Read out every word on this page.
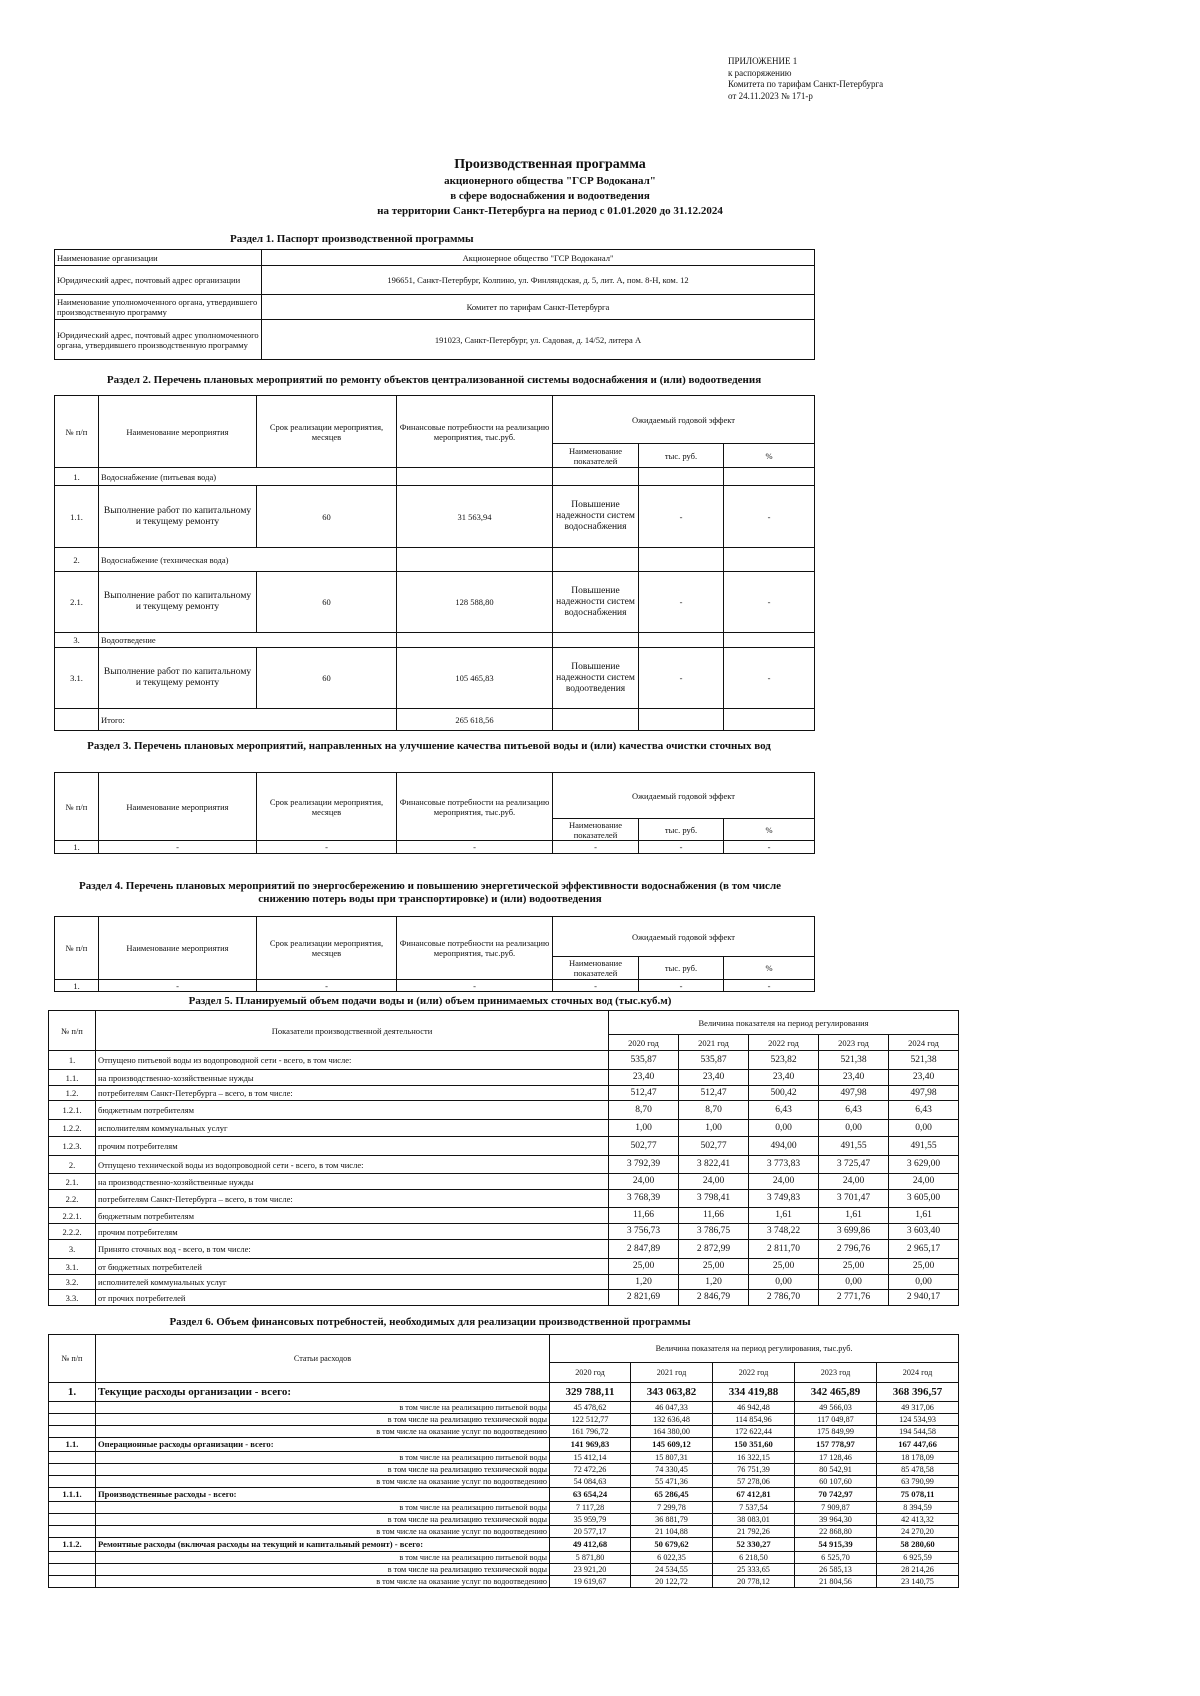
ПРИЛОЖЕНИЕ 1
к распоряжению
Комитета по тарифам Санкт-Петербурга
от 24.11.2023 № 171-р
Производственная программа
акционерного общества "ГСР Водоканал"
в сфере водоснабжения и водоотведения
на территории Санкт-Петербурга на период с 01.01.2020 до 31.12.2024
Раздел 1. Паспорт производственной программы
Наименование организации	Акционерное общество "ГСР Водоканал"
Юридический адрес, почтовый адрес организации	196651, Санкт-Петербург, Колпино, ул. Финляндская, д. 5, лит. А, пом. 8-Н, ком. 12
Наименование уполномоченного органа, утвердившего производственную программу	Комитет по тарифам Санкт-Петербурга
Юридический адрес, почтовый адрес уполномоченного органа, утвердившего производственную программу	191023, Санкт-Петербург, ул. Садовая, д. 14/52, литера А
Раздел 2. Перечень плановых мероприятий по ремонту объектов централизованной системы водоснабжения и (или) водоотведения
№ п/п	Наименование мероприятия	Срок реализации мероприятия, месяцев	Финансовые потребности на реализацию мероприятия, тыс.руб.	Ожидаемый годовой эффект		
				Наименование показателей	тыс. руб.	%
1.	Водоснабжение (питьевая вода)					
1.1.	Выполнение работ по капитальному и текущему ремонту	60	31 563,94	Повышение надежности систем водоснабжения	-	-
2.	Водоснабжение (техническая вода)					
2.1.	Выполнение работ по капитальному и текущему ремонту	60	128 588,80	Повышение надежности систем водоснабжения	-	-
3.	Водоотведение					
3.1.	Выполнение работ по капитальному и текущему ремонту	60	105 465,83	Повышение надежности систем водоотведения	-	-
	Итого:		265 618,56			
Раздел 3. Перечень плановых мероприятий, направленных на улучшение качества питьевой воды и (или) качества очистки сточных вод
№ п/п	Наименование мероприятия	Срок реализации мероприятия, месяцев	Финансовые потребности на реализацию мероприятия, тыс.руб.	Ожидаемый годовой эффект		
				Наименование показателей	тыс. руб.	%
1.	-	-	-	-	-	-
Раздел 4. Перечень плановых мероприятий по энергосбережению и повышению энергетической эффективности водоснабжения (в том числе снижению потерь воды при транспортировке) и (или) водоотведения
№ п/п	Наименование мероприятия	Срок реализации мероприятия, месяцев	Финансовые потребности на реализацию мероприятия, тыс.руб.	Ожидаемый годовой эффект		
				Наименование показателей	тыс. руб.	%
1.	-	-	-	-	-	-
Раздел 5. Планируемый объем подачи воды и (или) объем принимаемых сточных вод (тыс.куб.м)
№ п/п	Показатели производственной деятельности	Величина показателя на период регулирования				
		2020 год	2021 год	2022 год	2023 год	2024 год
1.	Отпущено питьевой воды из водопроводной сети - всего, в том числе:	535,87	535,87	523,82	521,38	521,38
1.1.	на производственно-хозяйственные нужды	23,40	23,40	23,40	23,40	23,40
1.2.	потребителям Санкт-Петербурга – всего, в том числе:	512,47	512,47	500,42	497,98	497,98
1.2.1.	бюджетным потребителям	8,70	8,70	6,43	6,43	6,43
1.2.2.	исполнителям коммунальных услуг	1,00	1,00	0,00	0,00	0,00
1.2.3.	прочим потребителям	502,77	502,77	494,00	491,55	491,55
2.	Отпущено технической воды из водопроводной сети - всего, в том числе:	3 792,39	3 822,41	3 773,83	3 725,47	3 629,00
2.1.	на производственно-хозяйственные нужды	24,00	24,00	24,00	24,00	24,00
2.2.	потребителям Санкт-Петербурга – всего, в том числе:	3 768,39	3 798,41	3 749,83	3 701,47	3 605,00
2.2.1.	бюджетным потребителям	11,66	11,66	1,61	1,61	1,61
2.2.2.	прочим потребителям	3 756,73	3 786,75	3 748,22	3 699,86	3 603,40
3.	Принято сточных вод - всего, в том числе:	2 847,89	2 872,99	2 811,70	2 796,76	2 965,17
3.1.	от бюджетных потребителей	25,00	25,00	25,00	25,00	25,00
3.2.	исполнителей коммунальных услуг	1,20	1,20	0,00	0,00	0,00
3.3.	от прочих потребителей	2 821,69	2 846,79	2 786,70	2 771,76	2 940,17
Раздел 6. Объем финансовых потребностей, необходимых для реализации производственной программы
№ п/п	Статьи расходов	Величина показателя на период регулирования, тыс.руб.				
		2020 год	2021 год	2022 год	2023 год	2024 год
1.	Текущие расходы организации - всего:	329 788,11	343 063,82	334 419,88	342 465,89	368 396,57
	в том числе на реализацию питьевой воды	45 478,62	46 047,33	46 942,48	49 566,03	49 317,06
	в том числе на реализацию технической воды	122 512,77	132 636,48	114 854,96	117 049,87	124 534,93
	в том числе на оказание услуг по водоотведению	161 796,72	164 380,00	172 622,44	175 849,99	194 544,58
1.1.	Операционные расходы организации - всего:	141 969,83	145 609,12	150 351,60	157 778,97	167 447,66
	в том числе на реализацию питьевой воды	15 412,14	15 807,31	16 322,15	17 128,46	18 178,09
	в том числе на реализацию технической воды	72 472,26	74 330,45	76 751,39	80 542,91	85 478,58
	в том числе на оказание услуг по водоотведению	54 084,63	55 471,36	57 278,06	60 107,60	63 790,99
1.1.1.	Производственные расходы - всего:	63 654,24	65 286,45	67 412,81	70 742,97	75 078,11
	в том числе на реализацию питьевой воды	7 117,28	7 299,78	7 537,54	7 909,87	8 394,59
	в том числе на реализацию технической воды	35 959,79	36 881,79	38 083,01	39 964,30	42 413,32
	в том числе на оказание услуг по водоотведению	20 577,17	21 104,88	21 792,26	22 868,80	24 270,20
1.1.2.	Ремонтные расходы (включая расходы на текущий и капитальный ремонт) - всего:	49 412,68	50 679,62	52 330,27	54 915,39	58 280,60
	в том числе на реализацию питьевой воды	5 871,80	6 022,35	6 218,50	6 525,70	6 925,59
	в том числе на реализацию технической воды	23 921,20	24 534,55	25 333,65	26 585,13	28 214,26
	в том числе на оказание услуг по водоотведению	19 619,67	20 122,72	20 778,12	21 804,56	23 140,75
